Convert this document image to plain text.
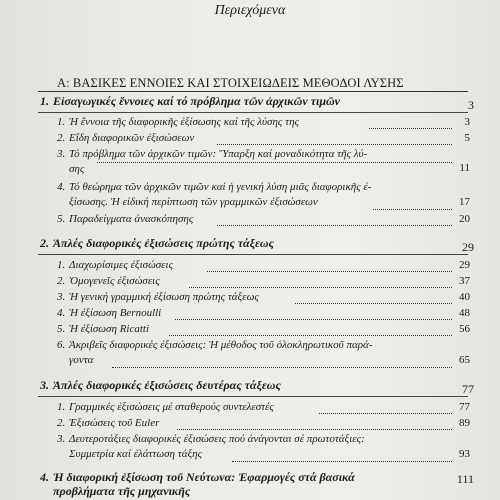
Περιεχόμενα
A: ΒΑΣΙΚΕΣ ΕΝΝΟΙΕΣ ΚΑΙ ΣΤΟΙΧΕΙΩΔΕΙΣ ΜΕΘΟΔΟΙ ΛΥΣΗΣ
1. Εἰσαγωγικές ἔννοιες καί τό πρόβλημα τῶν ἀρχικῶν τιμῶν	3
1. Ἡ ἔννοια τῆς διαφορικῆς ἐξίσωσης καί τῆς λύσης της	3
2. Εἴδη διαφορικῶν ἐξισώσεων	5
3. Τό πρόβλημα τῶν ἀρχικῶν τιμῶν: Ὕπαρξη καί μοναδικότητα τῆς λύ-
σης	11
4. Τό θεώρημα τῶν ἀρχικῶν τιμῶν καί ἡ γενική λύση μιᾶς διαφορικῆς ἐ-
ξίσωσης. Ἡ εἰδική περίπτωση τῶν γραμμικῶν ἐξισώσεων	17
5. Παραδείγματα ἀνασκόπησης	20
2. Ἁπλές διαφορικές ἐξισώσεις πρώτης τάξεως	29
1. Διαχωρίσιμες ἐξισώσεις	29
2. Ὁμογενεῖς ἐξισώσεις	37
3. Ἡ γενική γραμμική ἐξίσωση πρώτης τάξεως	40
4. Ἡ ἐξίσωση Bernoulli	48
5. Ἡ ἐξίσωση Ricatti	56
6. Ἀκριβεῖς διαφορικές ἐξισώσεις: Ἡ μέθοδος τοῦ ὁλοκληρωτικοῦ παρά-
γοντα	65
3. Ἁπλές διαφορικές ἐξισώσεις δευτέρας τάξεως	77
1. Γραμμικές ἐξισώσεις μέ σταθερούς συντελεστές	77
2. Ἐξισώσεις τοῦ Euler	89
3. Δευτεροτάξιες διαφορικές ἐξισώσεις πού ἀνάγονται σέ πρωτοτάξιες:
Συμμετρία καί ἐλάττωση τάξης	93
4. Ἡ διαφορική ἐξίσωση τοῦ Νεύτωνα: Ἐφαρμογές στά βασικά
προβλήματα τῆς μηχανικῆς
111
